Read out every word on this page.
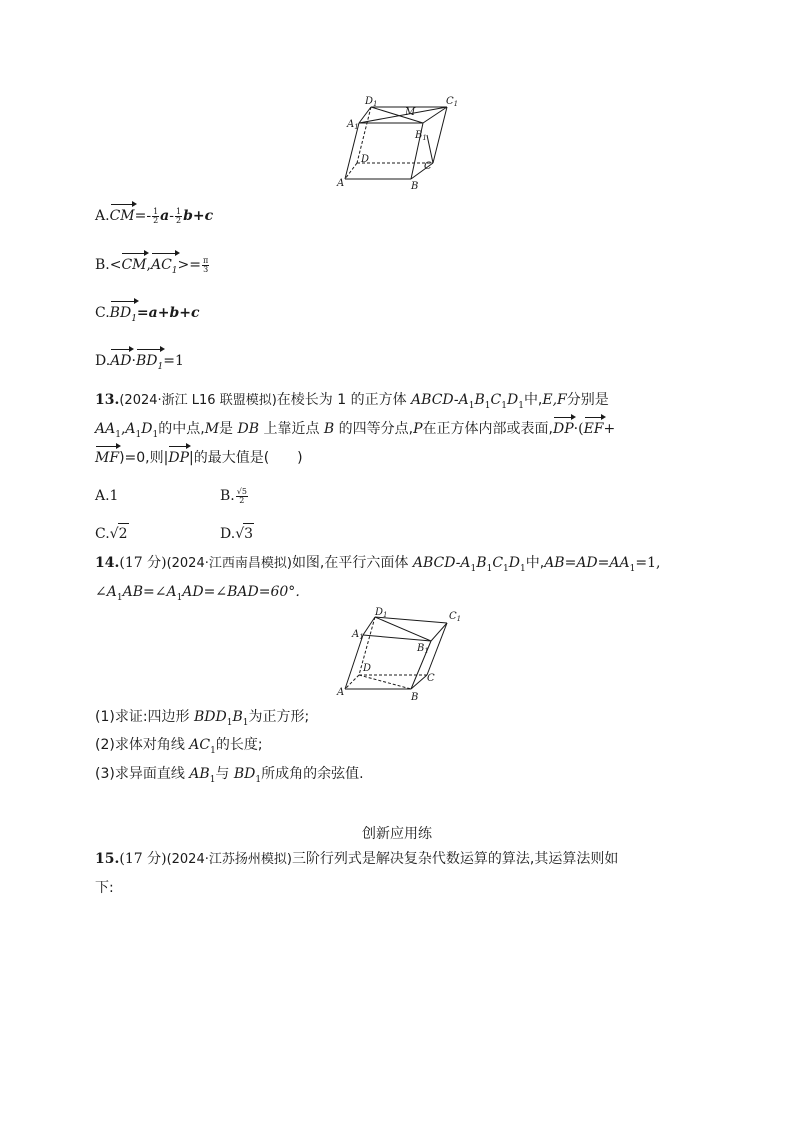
$D_1$
M
$C_1$
$A_1$
$B_1$
D
C
A	B
$A.CM=- \frac{1}{2} a- \frac{1}{2} b+c$
$B.<CM,AC_1>= \frac{\pi}{3}$
$C.BD_1=a+b+c$
$D.AD\cdot BD_1=1$
13.(2024·浙江 L16 联盟模拟)在棱长为 1 的正方体 ABCD-$A_1B_1C_1D_1$中,E,F分别是
$AA_1,A_1D_1$的中点,M是 DB 上靠近点 B 的四等分点,P在正方体内部或表面,DP·(EF+
MF)=0,则|DP|的最大值是(　　)
A.1	B. $\frac{√5}{2}$
C.√2	D.√3
14.(17 分)(2024·江西南昌模拟)如图,在平行六面体 ABCD-$A_1B_1C_1D_1$中$,AB=AD=AA_1=1$,
$\angle A_1AB=\angle A_1AD=\angle BAD=60^\circ$．
$D_1$	$C_1$
$A_1$
$B_1$
D
C
A	B
(1)求证:四边形 $BDD_1B_1$为正方形;
(2)求体对角线 $AC_1$的长度;
(3)求异面直线 $AB_1$与 $BD_1$所成角的余弦值.
创新应用练
15.(17 分)(2024·江苏扬州模拟)三阶行列式是解决复杂代数运算的算法,其运算法则如
下:
